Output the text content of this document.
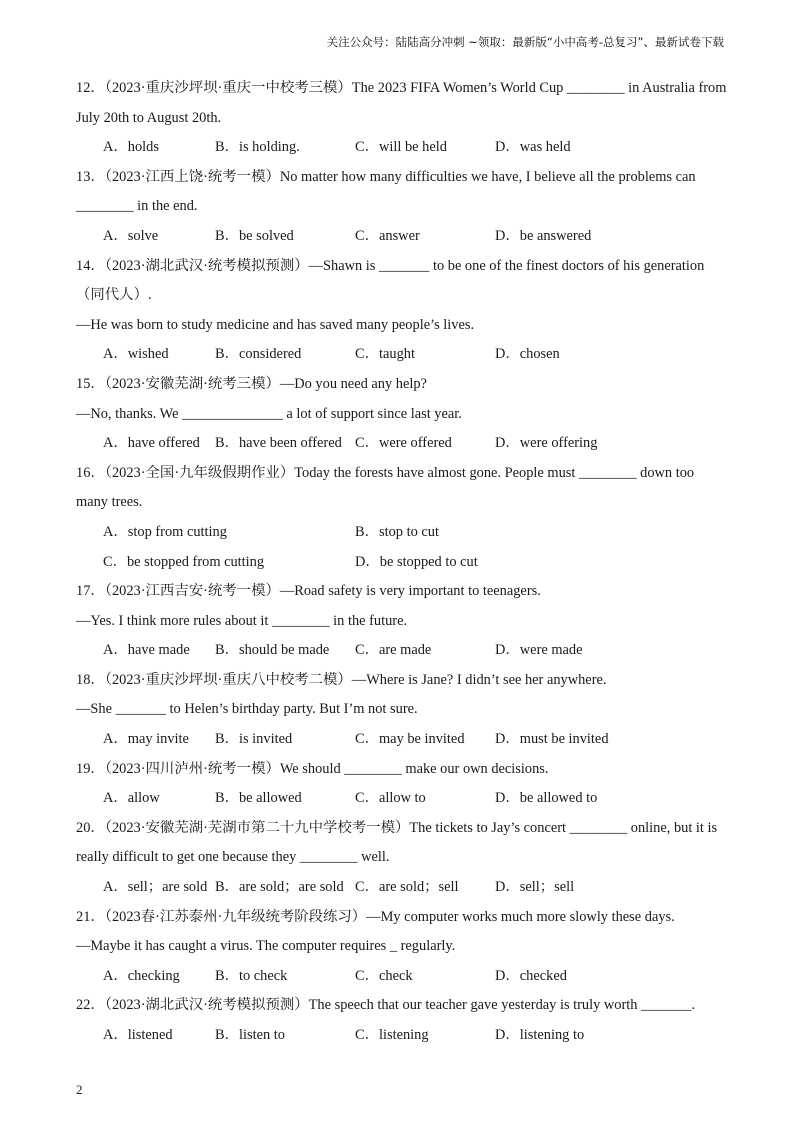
关注公众号：陆陆高分冲刺 ~领取：最新版“小中高考-总复习”、最新试卷下载
12．（2023·重庆沙坪坝·重庆一中校考三模）The 2023 FIFA Women’s World Cup ________ in Australia from
July 20th to August 20th.
A．holds	B．is holding.	C．will be held	D．was held
13．（2023·江西上饶·统考一模）No matter how many difficulties we have, I believe all the problems can
________ in the end.
A．solve	B．be solved	C．answer	D．be answered
14．（2023·湖北武汉·统考模拟预测）—Shawn is _______ to be one of the finest doctors of his generation
（同代人）.
—He was born to study medicine and has saved many people’s lives.
A．wished	B．considered	C．taught	D．chosen
15．（2023·安徽芜湖·统考三模）—Do you need any help?
—No, thanks. We ______________ a lot of support since last year.
A．have offered B．have been offered C．were offered	D．were offering
16．（2023·全国·九年级假期作业）Today the forests have almost gone. People must ________ down too
many trees.
A．stop from cutting	B．stop to cut
C．be stopped from cutting	D．be stopped to cut
17．（2023·江西吉安·统考一模）—Road safety is very important to teenagers.
—Yes. I think more rules about it ________ in the future.
A．have made B．should be made C．are made	D．were made
18．（2023·重庆沙坪坝·重庆八中校考二模）—Where is Jane? I didn’t see her anywhere.
—She _______ to Helen’s birthday party. But I’m not sure.
A．may invite B．is invited	C．may be invited D．must be invited
19．（2023·四川泸州·统考一模）We should ________ make our own decisions.
A．allow	B．be allowed	C．allow to	D．be allowed to
20．（2023·安徽芜湖·芜湖市第二十九中学校考一模）The tickets to Jay’s concert ________ online, but it is
really difficult to get one because they ________ well.
A．sell；are sold B．are sold；are sold C．are sold；sell	D．sell；sell
21．（2023春·江苏泰州·九年级统考阶段练习）—My computer works much more slowly these days.
—Maybe it has caught a virus. The computer requires _ regularly.
A．checking B．to check	C．check	D．checked
22．（2023·湖北武汉·统考模拟预测）The speech that our teacher gave yesterday is truly worth _______.
A．listened	B．listen to	C．listening	D．listening to
2
